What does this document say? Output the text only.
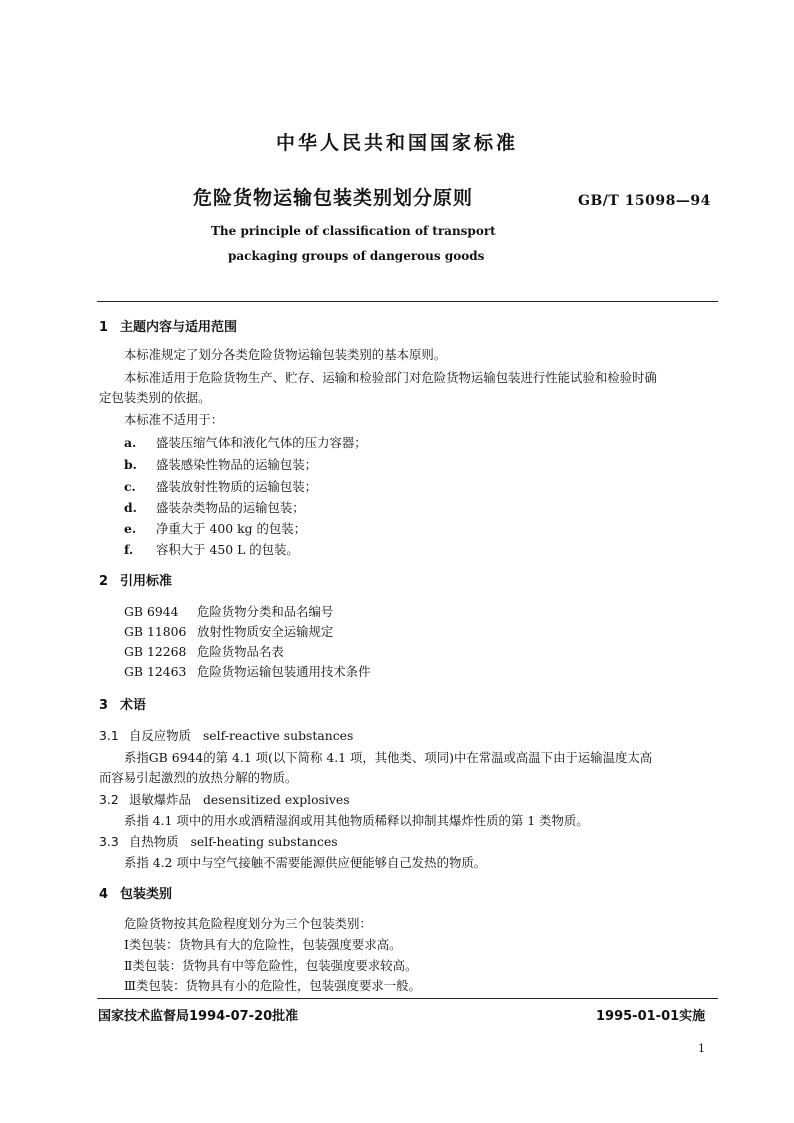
中华人民共和国国家标准
危险货物运输包装类别划分原则	GB/T 15098—94
The principle of classification of transport
packaging groups of dangerous goods
1 主题内容与适用范围
本标准规定了划分各类危险货物运输包装类别的基本原则。
本标准适用于危险货物生产、贮存、运输和检验部门对危险货物运输包装进行性能试验和检验时确
定包装类别的依据。
本标准不适用于：
a. 盛装压缩气体和液化气体的压力容器；
b. 盛装感染性物品的运输包装；
c. 盛装放射性物质的运输包装；
d. 盛装杂类物品的运输包装；
e. 净重大于 400 kg 的包装；
f. 容积大于 450 L 的包装。
2 引用标准
GB 6944 危险货物分类和品名编号
GB 11806 放射性物质安全运输规定
GB 12268 危险货物品名表
GB 12463 危险货物运输包装通用技术条件
3 术语
3.1 自反应物质 self-reactive substances
系指GB 6944的第 4.1 项(以下简称 4.1 项，其他类、项同)中在常温或高温下由于运输温度太高
而容易引起激烈的放热分解的物质。
3.2 退敏爆炸品 desensitized explosives
系指 4.1 项中的用水或酒精湿润或用其他物质稀释以抑制其爆炸性质的第 1 类物质。
3.3 自热物质 self-heating substances
系指 4.2 项中与空气接触不需要能源供应便能够自己发热的物质。
4 包装类别
危险货物按其危险程度划分为三个包装类别：
Ⅰ类包装：货物具有大的危险性，包装强度要求高。
Ⅱ类包装：货物具有中等危险性，包装强度要求较高。
Ⅲ类包装：货物具有小的危险性，包装强度要求一般。
国家技术监督局1994-07-20批准	1995-01-01实施
1
